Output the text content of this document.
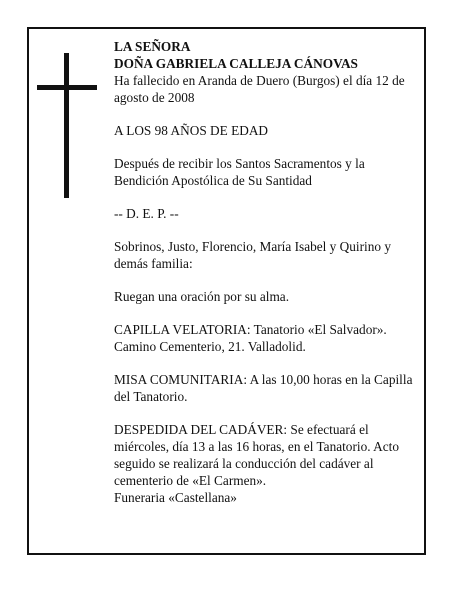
LA SEÑORA
DOÑA GABRIELA CALLEJA CÁNOVAS
Ha fallecido en Aranda de Duero (Burgos) el día 12 de agosto de 2008

A LOS 98 AÑOS DE EDAD

Después de recibir los Santos Sacramentos y la Bendición Apostólica de Su Santidad

-- D. E. P. --

Sobrinos, Justo, Florencio, María Isabel y Quirino y demás familia:

Ruegan una oración por su alma.

CAPILLA VELATORIA: Tanatorio «El Salvador». Camino Cementerio, 21. Valladolid.

MISA COMUNITARIA: A las 10,00 horas en la Capilla del Tanatorio.

DESPEDIDA DEL CADÁVER: Se efectuará el miércoles, día 13 a las 16 horas, en el Tanatorio. Acto seguido se realizará la conducción del cadáver al cementerio de «El Carmen».
Funeraria «Castellana»
